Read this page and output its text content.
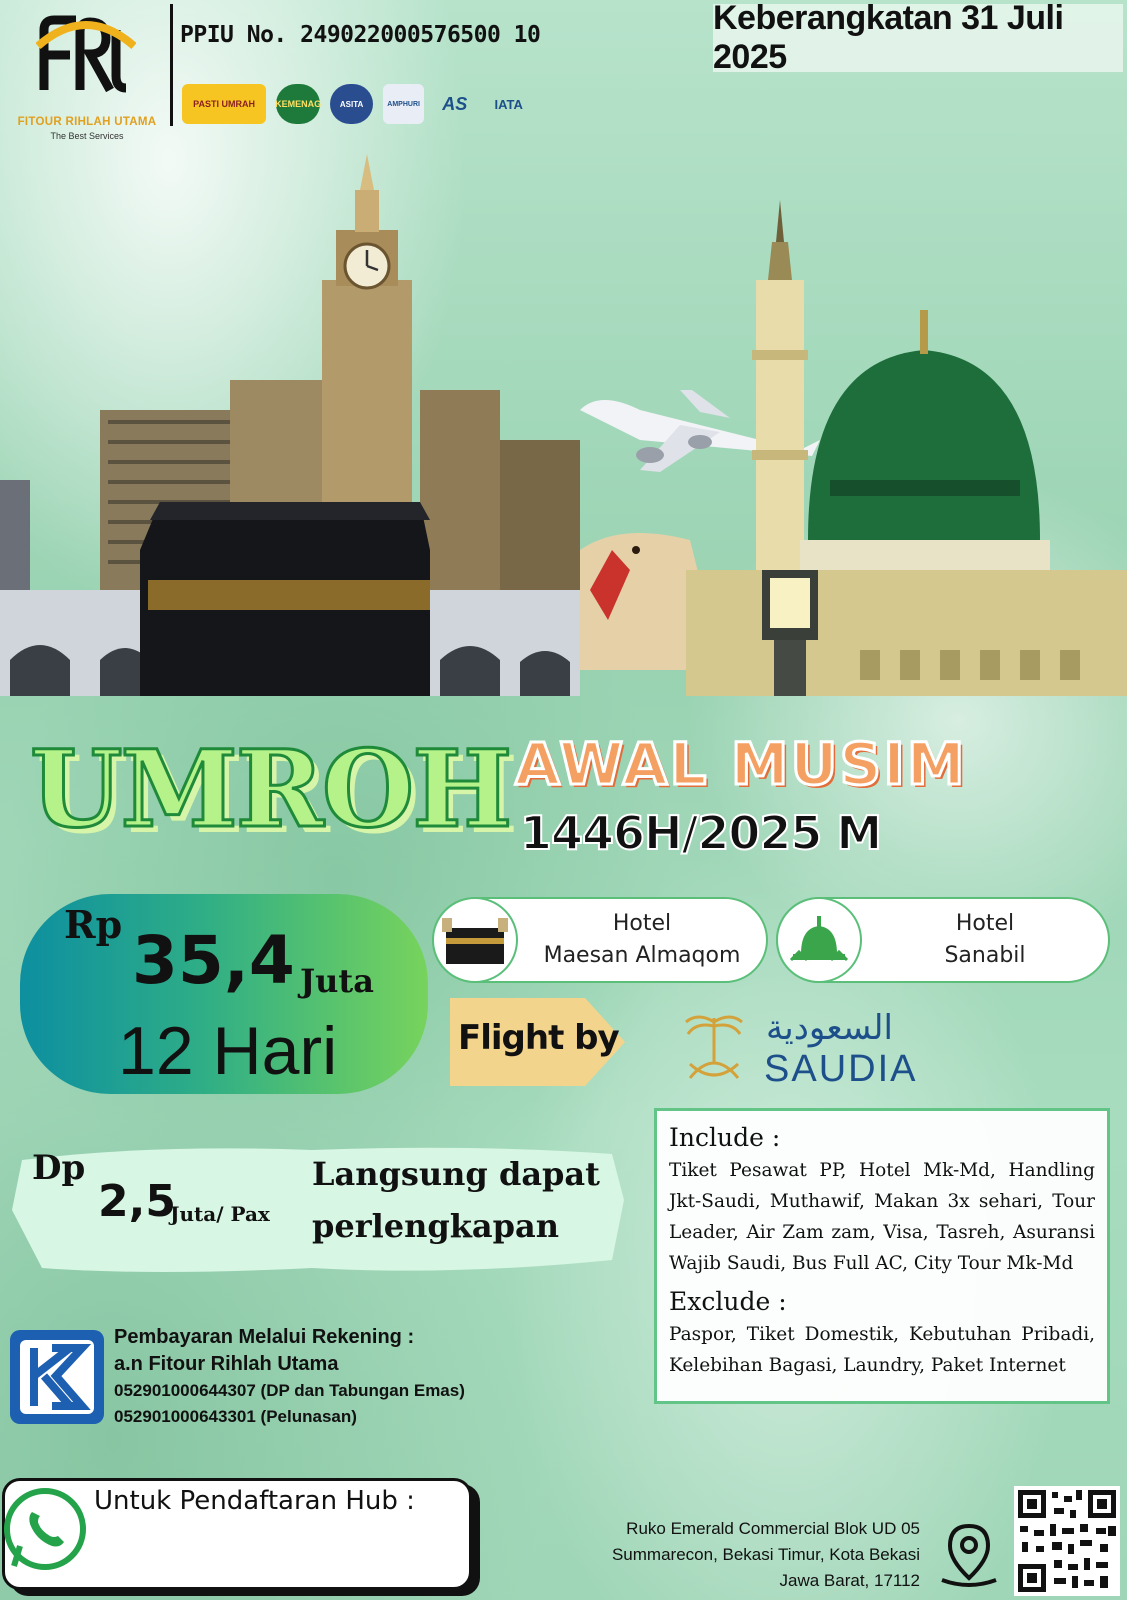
FITOUR RIHLAH UTAMA
The Best Services
PPIU No. 249022000576500 10
PASTI UMRAH	KEMENAG	ASITA	AMPHURI	AS	IATA
Keberangkatan 31 Juli 2025
UMROH AWAL MUSIM
1446H/2025 M
Rp 35,4 Juta
12 Hari
Hotel
Maesan Almaqom
Hotel
Sanabil
Flight by	السعودية
SAUDIA
Dp
2,5
Juta/ Pax
Langsung dapat
perlengkapan
Include :
Tiket Pesawat PP, Hotel Mk-Md, Handling Jkt-Saudi, Muthawif, Makan 3x sehari, Tour Leader, Air Zam zam, Visa, Tasreh, Asuransi Wajib Saudi, Bus Full AC, City Tour Mk-Md
Exclude :
Paspor, Tiket Domestik, Kebutuhan Pribadi, Kelebihan Bagasi, Laundry, Paket Internet
Pembayaran Melalui Rekening :
a.n Fitour Rihlah Utama
052901000644307 (DP dan Tabungan Emas)
052901000643301 (Pelunasan)
Untuk Pendaftaran Hub :
Ruko Emerald Commercial Blok UD 05
Summarecon, Bekasi Timur, Kota Bekasi
Jawa Barat, 17112
